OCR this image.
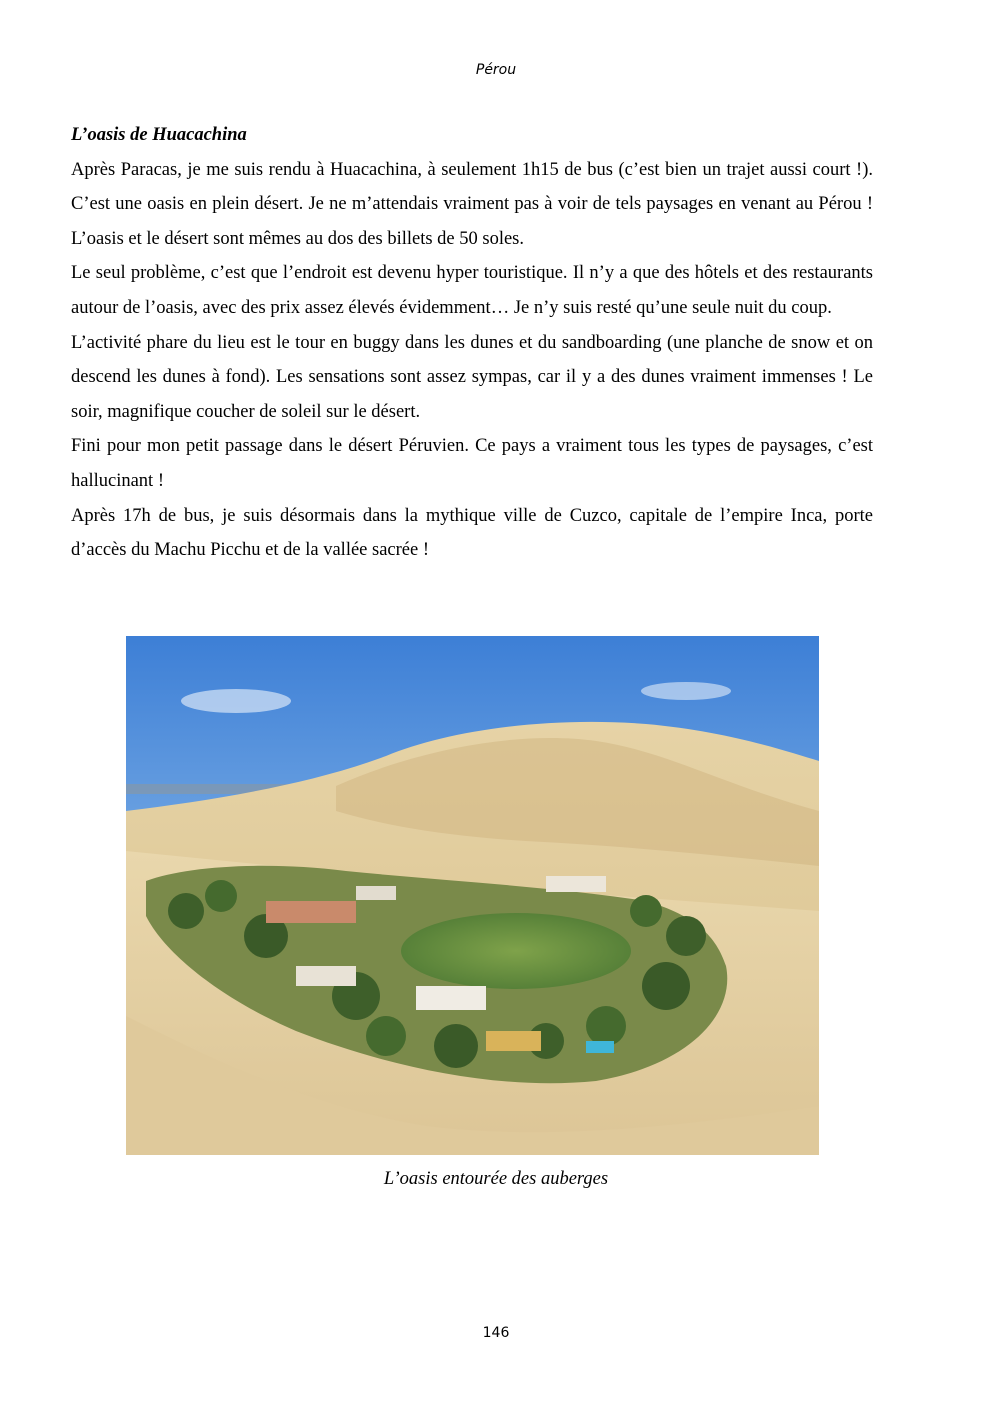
Pérou

L’oasis de Huacachina

Après Paracas, je me suis rendu à Huacachina, à seulement 1h15 de bus (c’est bien un trajet aussi court !). C’est une oasis en plein désert. Je ne m’attendais vraiment pas à voir de tels paysages en venant au Pérou ! L’oasis et le désert sont mêmes au dos des billets de 50 soles.

Le seul problème, c’est que l’endroit est devenu hyper touristique. Il n’y a que des hôtels et des restaurants autour de l’oasis, avec des prix assez élevés évidemment… Je n’y suis resté qu’une seule nuit du coup.

L’activité phare du lieu est le tour en buggy dans les dunes et du sandboarding (une planche de snow et on descend les dunes à fond). Les sensations sont assez sympas, car il y a des dunes vraiment immenses ! Le soir, magnifique coucher de soleil sur le désert.

Fini pour mon petit passage dans le désert Péruvien. Ce pays a vraiment tous les types de paysages, c’est hallucinant !

Après 17h de bus, je suis désormais dans la mythique ville de Cuzco, capitale de l’empire Inca, porte d’accès du Machu Picchu et de la vallée sacrée !

L’oasis entourée des auberges
146
